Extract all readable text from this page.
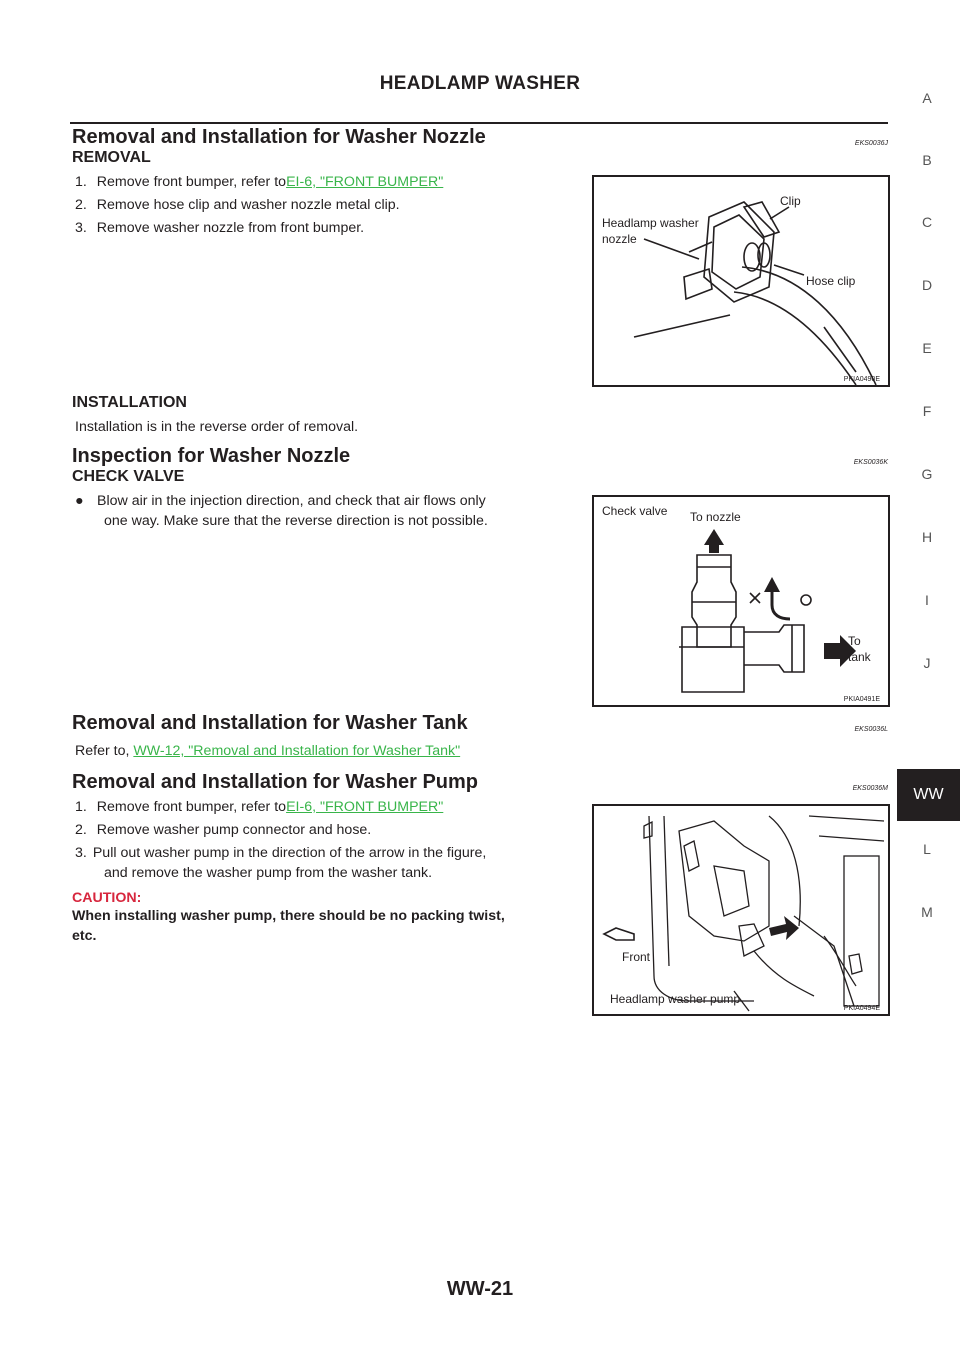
HEADLAMP WASHER
Removal and Installation for Washer Nozzle	EKS0036J
REMOVAL
1. Remove front bumper, refer toEI-6, "FRONT BUMPER"
2. Remove hose clip and washer nozzle metal clip.
3. Remove washer nozzle from front bumper.
Clip
Headlamp washer
nozzle
Hose clip
PKIA0490E
INSTALLATION
Installation is in the reverse order of removal.
Inspection for Washer Nozzle	EKS0036K
CHECK VALVE
● Blow air in the injection direction, and check that air flows only
one way. Make sure that the reverse direction is not possible.
Check valve To nozzle
To
tank
PKIA0491E
Removal and Installation for Washer Tank	EKS0036L
Refer to, WW-12, "Removal and Installation for Washer Tank"
Removal and Installation for Washer Pump	EKS0036M
1. Remove front bumper, refer toEI-6, "FRONT BUMPER"
2. Remove washer pump connector and hose.
3. Pull out washer pump in the direction of the arrow in the figure,
and remove the washer pump from the washer tank.
CAUTION:
When installing washer pump, there should be no packing twist,
etc.
Front
Headlamp washer pump
PKIA0494E
A
B
C
D
E
F
G
H
I
J
L
M
WW
WW-21
